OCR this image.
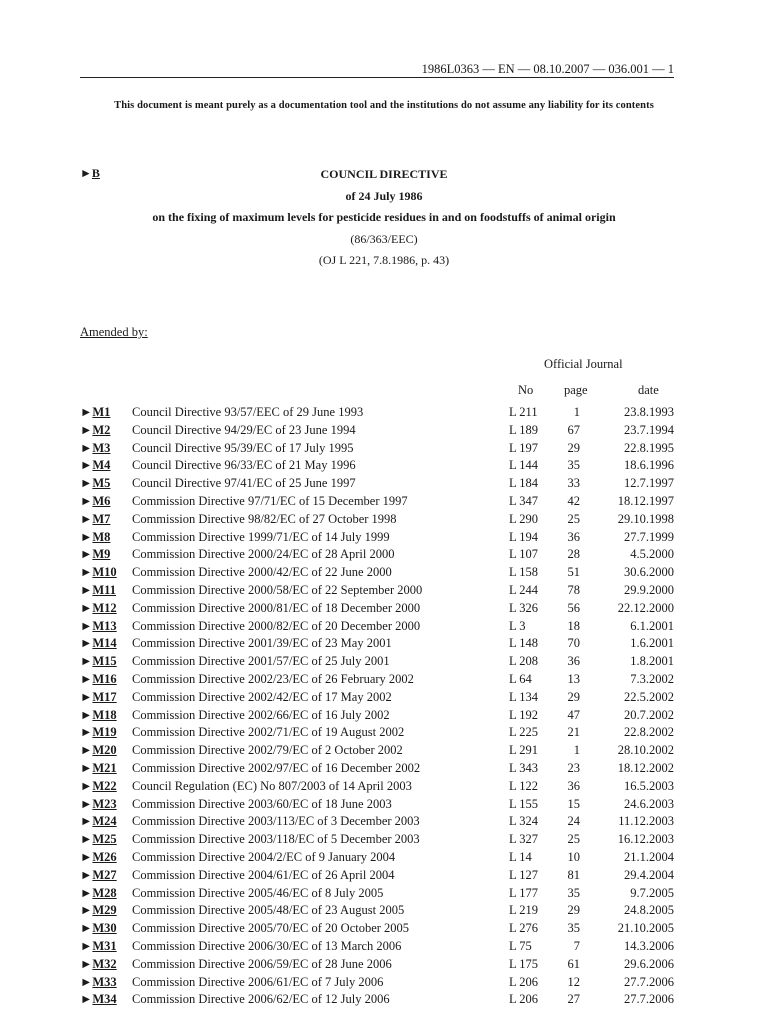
1986L0363 — EN — 08.10.2007 — 036.001 — 1
This document is meant purely as a documentation tool and the institutions do not assume any liability for its contents
►B	COUNCIL DIRECTIVE
of 24 July 1986
on the fixing of maximum levels for pesticide residues in and on foodstuffs of animal origin
(86/363/EEC)
(OJ L 221, 7.8.1986, p. 43)
Amended by:
Official Journal
No page	date
►M1 Council Directive 93/57/EEC of 29 June 1993	L 211	1	23.8.1993
►M2 Council Directive 94/29/EC of 23 June 1994	L 189	67	23.7.1994
►M3 Council Directive 95/39/EC of 17 July 1995	L 197	29	22.8.1995
►M4 Council Directive 96/33/EC of 21 May 1996	L 144	35	18.6.1996
►M5 Council Directive 97/41/EC of 25 June 1997	L 184	33	12.7.1997
►M6 Commission Directive 97/71/EC of 15 December 1997	L 347	42	18.12.1997
►M7 Commission Directive 98/82/EC of 27 October 1998	L 290	25	29.10.1998
►M8 Commission Directive 1999/71/EC of 14 July 1999	L 194	36	27.7.1999
►M9 Commission Directive 2000/24/EC of 28 April 2000	L 107	28	4.5.2000
►M10 Commission Directive 2000/42/EC of 22 June 2000	L 158	51	30.6.2000
►M11 Commission Directive 2000/58/EC of 22 September 2000	L 244	78	29.9.2000
►M12 Commission Directive 2000/81/EC of 18 December 2000	L 326	56	22.12.2000
►M13 Commission Directive 2000/82/EC of 20 December 2000	L 3	18	6.1.2001
►M14 Commission Directive 2001/39/EC of 23 May 2001	L 148	70	1.6.2001
►M15 Commission Directive 2001/57/EC of 25 July 2001	L 208	36	1.8.2001
►M16 Commission Directive 2002/23/EC of 26 February 2002	L 64	13	7.3.2002
►M17 Commission Directive 2002/42/EC of 17 May 2002	L 134	29	22.5.2002
►M18 Commission Directive 2002/66/EC of 16 July 2002	L 192	47	20.7.2002
►M19 Commission Directive 2002/71/EC of 19 August 2002	L 225	21	22.8.2002
►M20 Commission Directive 2002/79/EC of 2 October 2002	L 291	1	28.10.2002
►M21 Commission Directive 2002/97/EC of 16 December 2002	L 343	23	18.12.2002
►M22 Council Regulation (EC) No 807/2003 of 14 April 2003	L 122	36	16.5.2003
►M23 Commission Directive 2003/60/EC of 18 June 2003	L 155	15	24.6.2003
►M24 Commission Directive 2003/113/EC of 3 December 2003	L 324	24	11.12.2003
►M25 Commission Directive 2003/118/EC of 5 December 2003	L 327	25	16.12.2003
►M26 Commission Directive 2004/2/EC of 9 January 2004	L 14	10	21.1.2004
►M27 Commission Directive 2004/61/EC of 26 April 2004	L 127	81	29.4.2004
►M28 Commission Directive 2005/46/EC of 8 July 2005	L 177	35	9.7.2005
►M29 Commission Directive 2005/48/EC of 23 August 2005	L 219	29	24.8.2005
►M30 Commission Directive 2005/70/EC of 20 October 2005	L 276	35	21.10.2005
►M31 Commission Directive 2006/30/EC of 13 March 2006	L 75	7	14.3.2006
►M32 Commission Directive 2006/59/EC of 28 June 2006	L 175	61	29.6.2006
►M33 Commission Directive 2006/61/EC of 7 July 2006	L 206	12	27.7.2006
►M34 Commission Directive 2006/62/EC of 12 July 2006	L 206	27	27.7.2006
